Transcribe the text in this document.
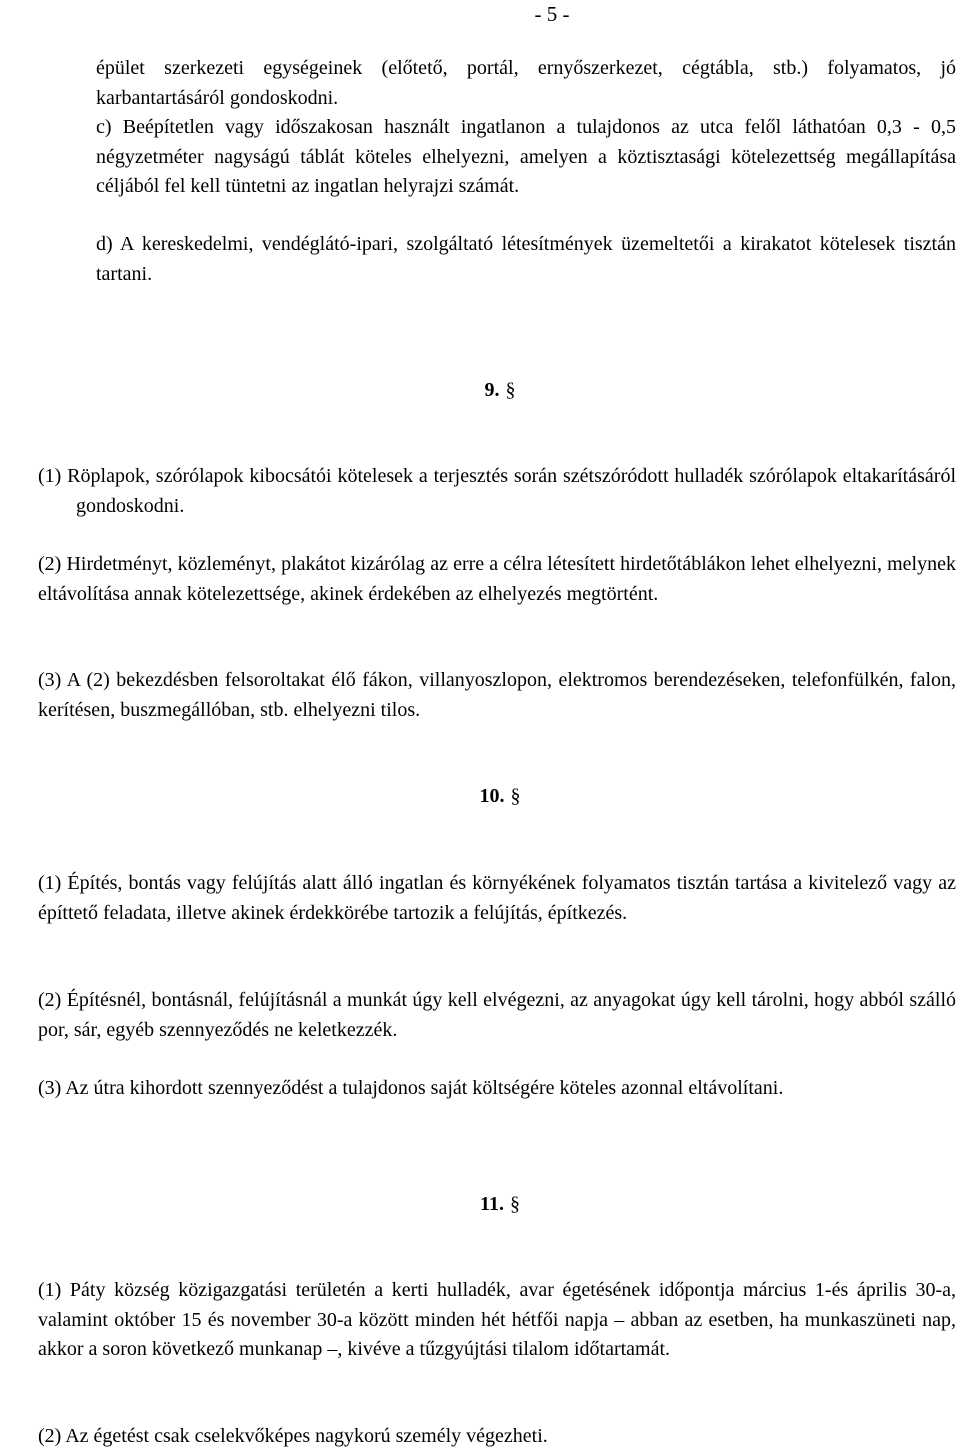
- 5 -

épület szerkezeti egységeinek (előtető, portál, ernyőszerkezet, cégtábla, stb.) folyamatos, jó karbantartásáról gondoskodni.

c) Beépítetlen vagy időszakosan használt ingatlanon a tulajdonos az utca felől láthatóan 0,3 - 0,5 négyzetméter nagyságú táblát köteles elhelyezni, amelyen a köztisztasági kötelezettség megállapítása céljából fel kell tüntetni az ingatlan helyrajzi számát.

d) A kereskedelmi, vendéglátó-ipari, szolgáltató létesítmények üzemeltetői a kirakatot kötelesek tisztán tartani.

9. §

(1) Röplapok, szórólapok kibocsátói kötelesek a terjesztés során szétszóródott hulladék szórólapok eltakarításáról gondoskodni.

(2) Hirdetményt, közleményt, plakátot kizárólag az erre a célra létesített hirdetőtáblákon lehet elhelyezni, melynek eltávolítása annak kötelezettsége, akinek érdekében az elhelyezés megtörtént.

(3) A (2) bekezdésben felsoroltakat élő fákon, villanyoszlopon, elektromos berendezéseken, telefonfülkén, falon, kerítésen, buszmegállóban, stb. elhelyezni tilos.

10. §

(1) Építés, bontás vagy felújítás alatt álló ingatlan és környékének folyamatos tisztán tartása a kivitelező vagy az építtető feladata, illetve akinek érdekkörébe tartozik a felújítás, építkezés.

(2) Építésnél, bontásnál, felújításnál a munkát úgy kell elvégezni, az anyagokat úgy kell tárolni, hogy abból szálló por, sár, egyéb szennyeződés ne keletkezzék.

(3) Az útra kihordott szennyeződést a tulajdonos saját költségére köteles azonnal eltávolítani.

11. §

(1) Páty község közigazgatási területén a kerti hulladék, avar égetésének időpontja március 1-és április 30-a, valamint október 15 és november 30-a között minden hét hétfői napja – abban az esetben, ha munkaszüneti nap, akkor a soron következő munkanap –, kivéve a tűzgyújtási tilalom időtartamát.

(2) Az égetést csak cselekvőképes nagykorú személy végezheti.
